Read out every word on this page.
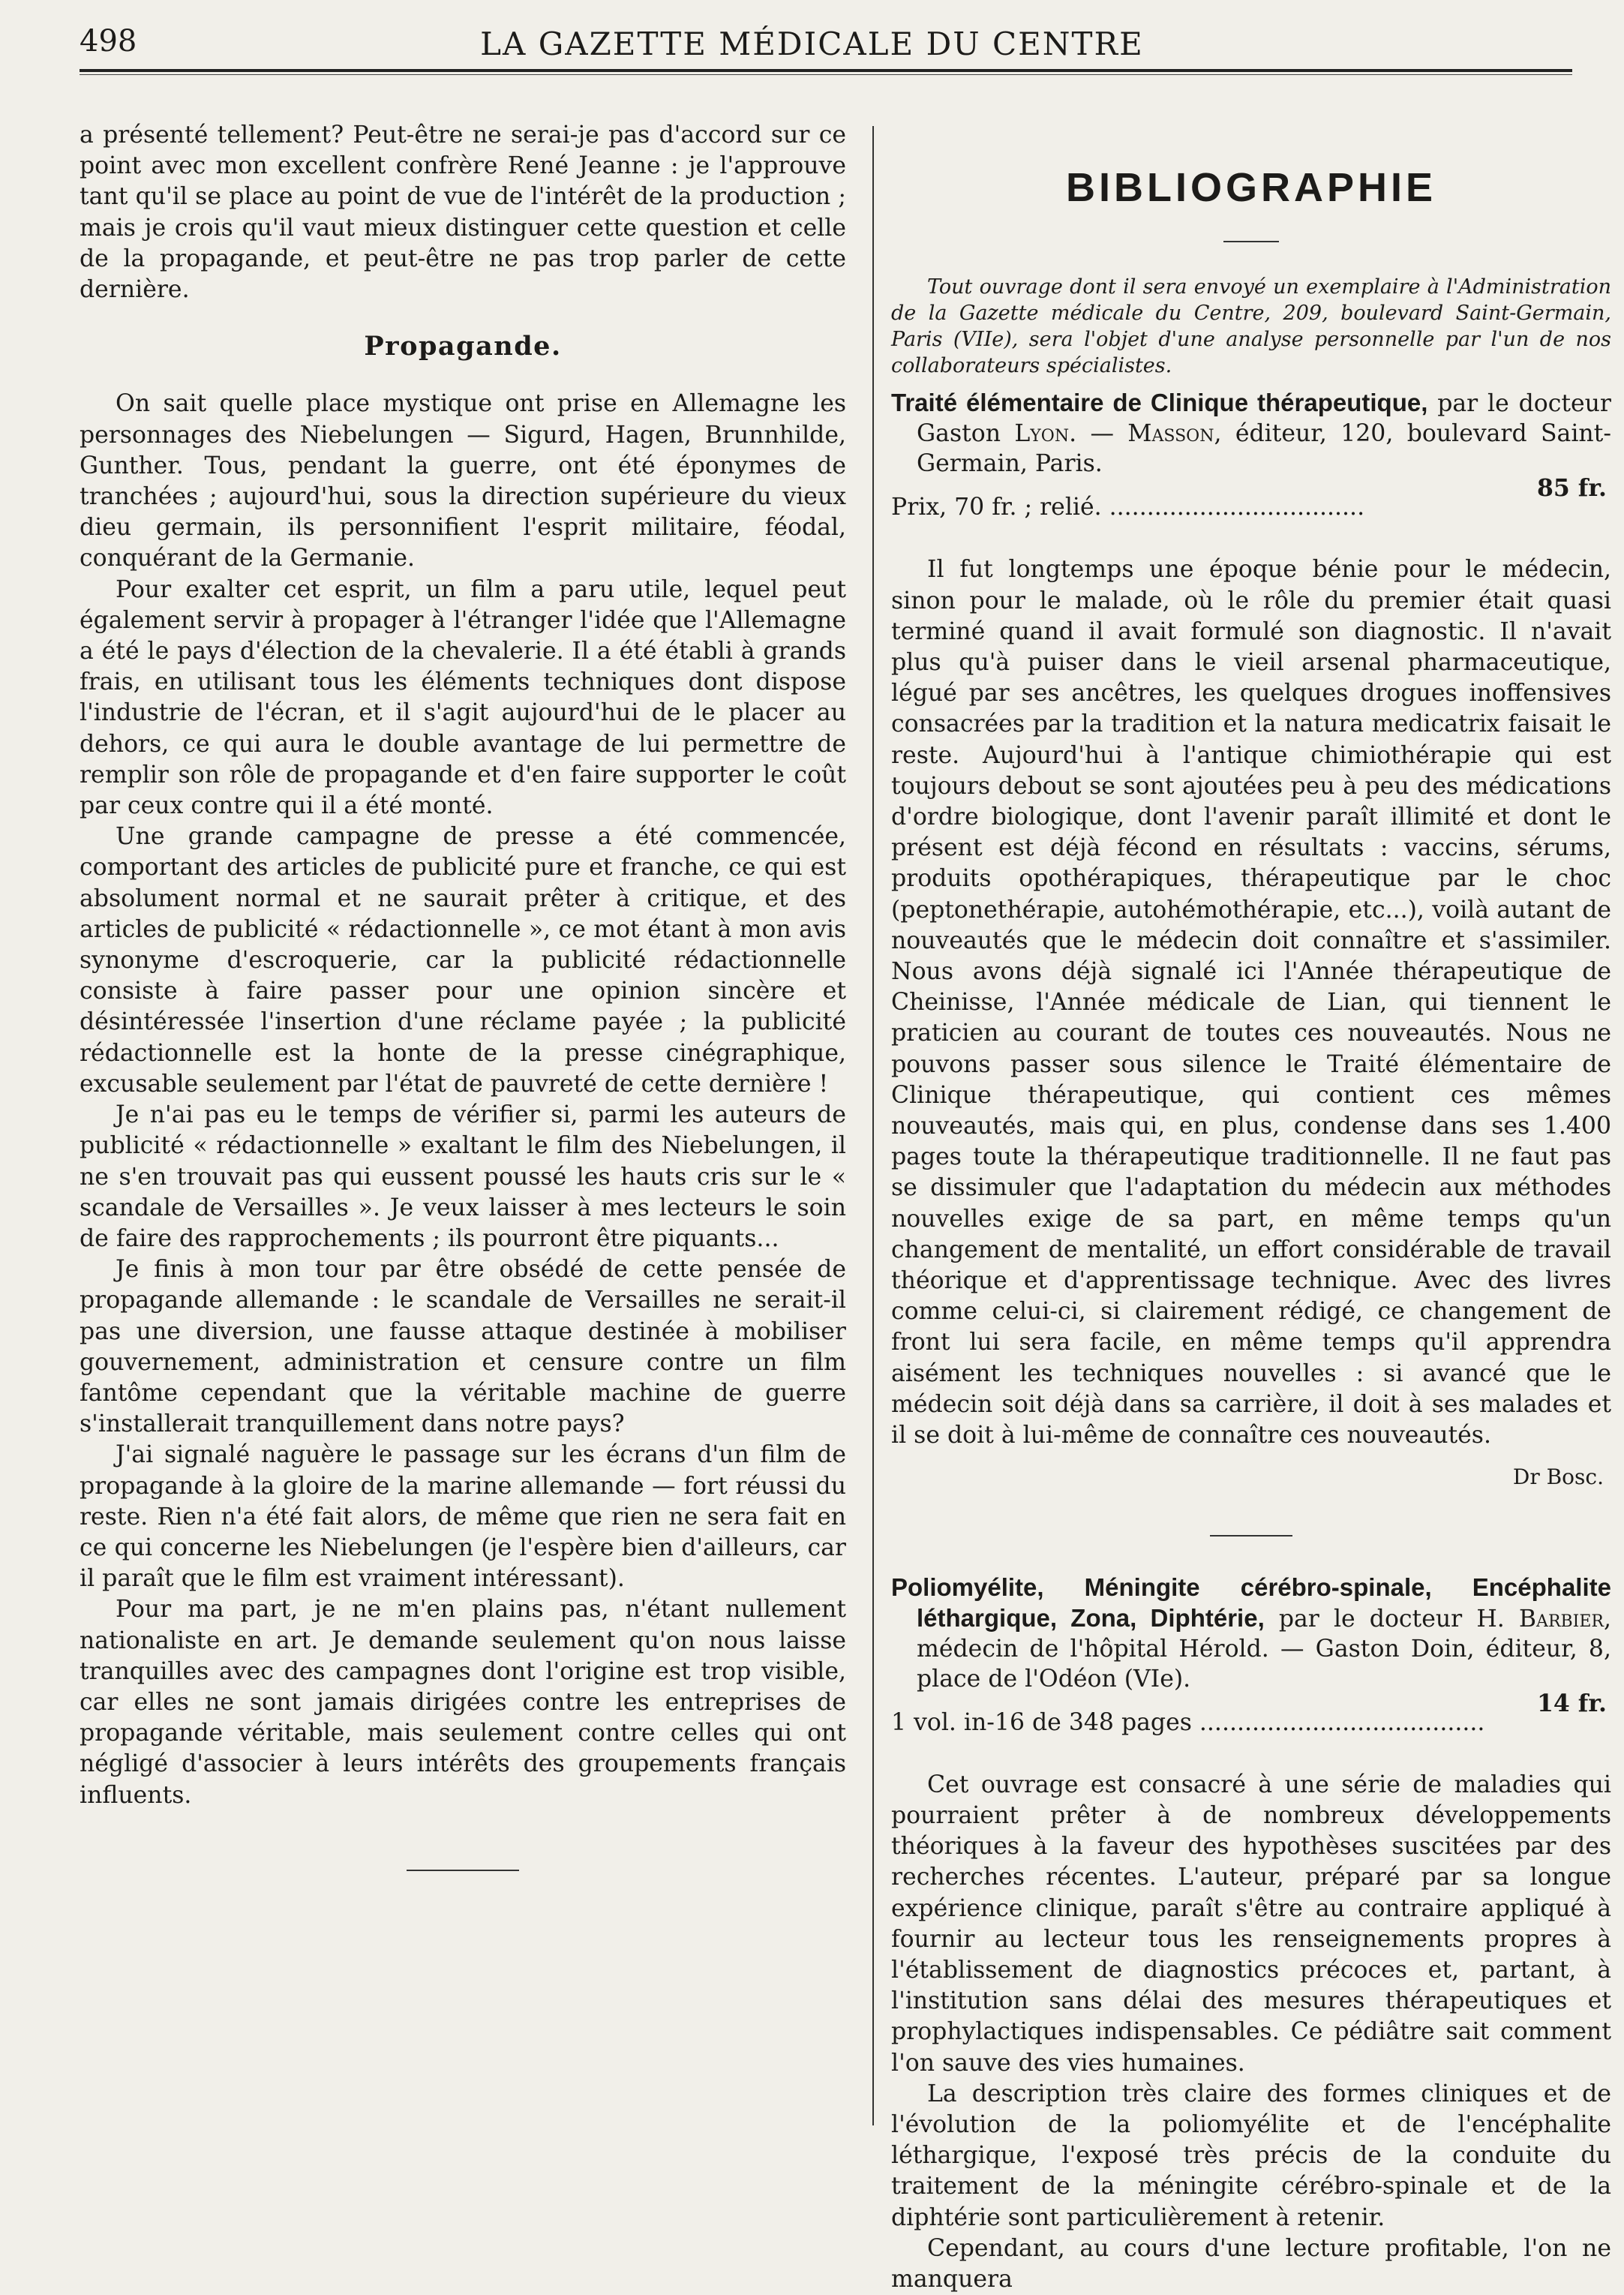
498	LA GAZETTE MÉDICALE DU CENTRE

a présenté tellement? Peut-être ne serai-je pas d'accord sur ce point avec mon excellent confrère René Jeanne : je l'approuve tant qu'il se place au point de vue de l'intérêt de la production ; mais je crois qu'il vaut mieux distinguer cette question et celle de la propagande, et peut-être ne pas trop parler de cette dernière.

Propagande.

On sait quelle place mystique ont prise en Allemagne les personnages des Niebelungen — Sigurd, Hagen, Brunnhilde, Gunther. Tous, pendant la guerre, ont été éponymes de tranchées ; aujourd'hui, sous la direction supérieure du vieux dieu germain, ils personnifient l'esprit militaire, féodal, conquérant de la Germanie.

Pour exalter cet esprit, un film a paru utile, lequel peut également servir à propager à l'étranger l'idée que l'Allemagne a été le pays d'élection de la chevalerie. Il a été établi à grands frais, en utilisant tous les éléments techniques dont dispose l'industrie de l'écran, et il s'agit aujourd'hui de le placer au dehors, ce qui aura le double avantage de lui permettre de remplir son rôle de propagande et d'en faire supporter le coût par ceux contre qui il a été monté.

Une grande campagne de presse a été commencée, comportant des articles de publicité pure et franche, ce qui est absolument normal et ne saurait prêter à critique, et des articles de publicité « rédactionnelle », ce mot étant à mon avis synonyme d'escroquerie, car la publicité rédactionnelle consiste à faire passer pour une opinion sincère et désintéressée l'insertion d'une réclame payée ; la publicité rédactionnelle est la honte de la presse cinégraphique, excusable seulement par l'état de pauvreté de cette dernière !

Je n'ai pas eu le temps de vérifier si, parmi les auteurs de publicité « rédactionnelle » exaltant le film des Niebelungen, il ne s'en trouvait pas qui eussent poussé les hauts cris sur le « scandale de Versailles ». Je veux laisser à mes lecteurs le soin de faire des rapprochements ; ils pourront être piquants...

Je finis à mon tour par être obsédé de cette pensée de propagande allemande : le scandale de Versailles ne serait-il pas une diversion, une fausse attaque destinée à mobiliser gouvernement, administration et censure contre un film fantôme cependant que la véritable machine de guerre s'installerait tranquillement dans notre pays?

J'ai signalé naguère le passage sur les écrans d'un film de propagande à la gloire de la marine allemande — fort réussi du reste. Rien n'a été fait alors, de même que rien ne sera fait en ce qui concerne les Niebelungen (je l'espère bien d'ailleurs, car il paraît que le film est vraiment intéressant).

Pour ma part, je ne m'en plains pas, n'étant nullement nationaliste en art. Je demande seulement qu'on nous laisse tranquilles avec des campagnes dont l'origine est trop visible, car elles ne sont jamais dirigées contre les entreprises de propagande véritable, mais seulement contre celles qui ont négligé d'associer à leurs intérêts des groupements français influents.

BIBLIOGRAPHIE

Tout ouvrage dont il sera envoyé un exemplaire à l'Administration de la Gazette médicale du Centre, 209, boulevard Saint-Germain, Paris (VIIe), sera l'objet d'une analyse personnelle par l'un de nos collaborateurs spécialistes.

Traité élémentaire de Clinique thérapeutique, par le docteur Gaston Lyon. — Masson, éditeur, 120, boulevard Saint-Germain, Paris.
Prix, 70 fr. ; relié. ..................................
85 fr.

Il fut longtemps une époque bénie pour le médecin, sinon pour le malade, où le rôle du premier était quasi terminé quand il avait formulé son diagnostic. Il n'avait plus qu'à puiser dans le vieil arsenal pharmaceutique, légué par ses ancêtres, les quelques drogues inoffensives consacrées par la tradition et la natura medicatrix faisait le reste. Aujourd'hui à l'antique chimiothérapie qui est toujours debout se sont ajoutées peu à peu des médications d'ordre biologique, dont l'avenir paraît illimité et dont le présent est déjà fécond en résultats : vaccins, sérums, produits opothérapiques, thérapeutique par le choc (peptonethérapie, autohémothérapie, etc...), voilà autant de nouveautés que le médecin doit connaître et s'assimiler. Nous avons déjà signalé ici l'Année thérapeutique de Cheinisse, l'Année médicale de Lian, qui tiennent le praticien au courant de toutes ces nouveautés. Nous ne pouvons passer sous silence le Traité élémentaire de Clinique thérapeutique, qui contient ces mêmes nouveautés, mais qui, en plus, condense dans ses 1.400 pages toute la thérapeutique traditionnelle. Il ne faut pas se dissimuler que l'adaptation du médecin aux méthodes nouvelles exige de sa part, en même temps qu'un changement de mentalité, un effort considérable de travail théorique et d'apprentissage technique. Avec des livres comme celui-ci, si clairement rédigé, ce changement de front lui sera facile, en même temps qu'il apprendra aisément les techniques nouvelles : si avancé que le médecin soit déjà dans sa carrière, il doit à ses malades et il se doit à lui-même de connaître ces nouveautés.

Dr Bosc.
Poliomyélite, Méningite cérébro-spinale, Encéphalite léthargique, Zona, Diphtérie, par le docteur H. Barbier, médecin de l'hôpital Hérold. — Gaston Doin, éditeur, 8, place de l'Odéon (VIe).
1 vol. in-16 de 348 pages ......................................
14 fr.

Cet ouvrage est consacré à une série de maladies qui pourraient prêter à de nombreux développements théoriques à la faveur des hypothèses suscitées par des recherches récentes. L'auteur, préparé par sa longue expérience clinique, paraît s'être au contraire appliqué à fournir au lecteur tous les renseignements propres à l'établissement de diagnostics précoces et, partant, à l'institution sans délai des mesures thérapeutiques et prophylactiques indispensables. Ce pédiâtre sait comment l'on sauve des vies humaines.

La description très claire des formes cliniques et de l'évolution de la poliomyélite et de l'encéphalite léthargique, l'exposé très précis de la conduite du traitement de la méningite cérébro-spinale et de la diphtérie sont particulièrement à retenir.

Cependant, au cours d'une lecture profitable, l'on ne manquera
